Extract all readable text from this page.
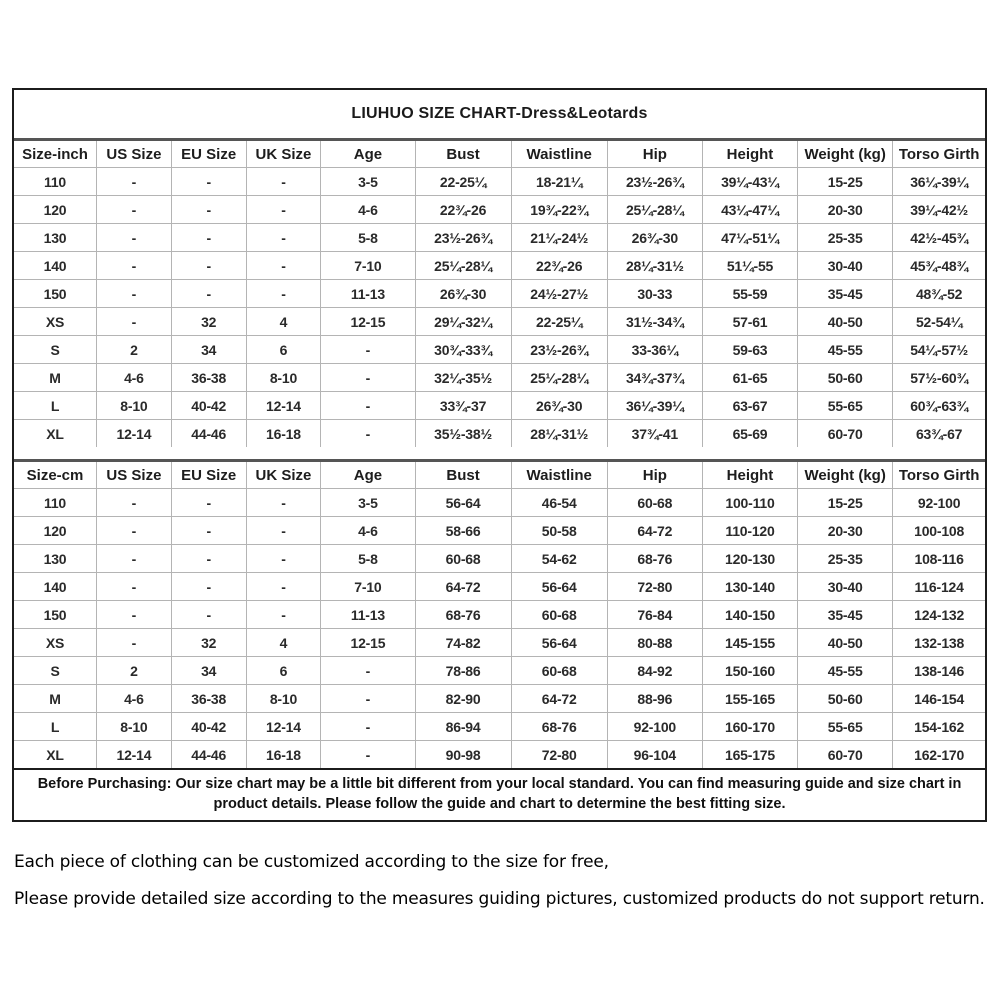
LIUHUO SIZE CHART-Dress&Leotards
Size-inch	US Size	EU Size	UK Size	Age	Bust	Waistline	Hip	Height	Weight (kg)	Torso Girth
110	-	-	-	3-5	22-25¼	18-21¼	23½-26¾	39¼-43¼	15-25	36¼-39¼
120	-	-	-	4-6	22¾-26	19¾-22¾	25¼-28¼	43¼-47¼	20-30	39¼-42½
130	-	-	-	5-8	23½-26¾	21¼-24½	26¾-30	47¼-51¼	25-35	42½-45¾
140	-	-	-	7-10	25¼-28¼	22¾-26	28¼-31½	51¼-55	30-40	45¾-48¾
150	-	-	-	11-13	26¾-30	24½-27½	30-33	55-59	35-45	48¾-52
XS	-	32	4	12-15	29¼-32¼	22-25¼	31½-34¾	57-61	40-50	52-54¼
S	2	34	6	-	30¾-33¾	23½-26¾	33-36¼	59-63	45-55	54¼-57½
M	4-6	36-38	8-10	-	32¼-35½	25¼-28¼	34¾-37¾	61-65	50-60	57½-60¾
L	8-10	40-42	12-14	-	33¾-37	26¾-30	36¼-39¼	63-67	55-65	60¾-63¾
XL	12-14	44-46	16-18	-	35½-38½	28¼-31½	37¾-41	65-69	60-70	63¾-67
Size-cm	US Size	EU Size	UK Size	Age	Bust	Waistline	Hip	Height	Weight (kg)	Torso Girth
110	-	-	-	3-5	56-64	46-54	60-68	100-110	15-25	92-100
120	-	-	-	4-6	58-66	50-58	64-72	110-120	20-30	100-108
130	-	-	-	5-8	60-68	54-62	68-76	120-130	25-35	108-116
140	-	-	-	7-10	64-72	56-64	72-80	130-140	30-40	116-124
150	-	-	-	11-13	68-76	60-68	76-84	140-150	35-45	124-132
XS	-	32	4	12-15	74-82	56-64	80-88	145-155	40-50	132-138
S	2	34	6	-	78-86	60-68	84-92	150-160	45-55	138-146
M	4-6	36-38	8-10	-	82-90	64-72	88-96	155-165	50-60	146-154
L	8-10	40-42	12-14	-	86-94	68-76	92-100	160-170	55-65	154-162
XL	12-14	44-46	16-18	-	90-98	72-80	96-104	165-175	60-70	162-170
Before Purchasing: Our size chart may be a little bit different from your local standard. You can find measuring guide and size chart in product details. Please follow the guide and chart to determine the best fitting size.
Each piece of clothing can be customized according to the size for free,
Please provide detailed size according to the measures guiding pictures, customized products do not support return.
